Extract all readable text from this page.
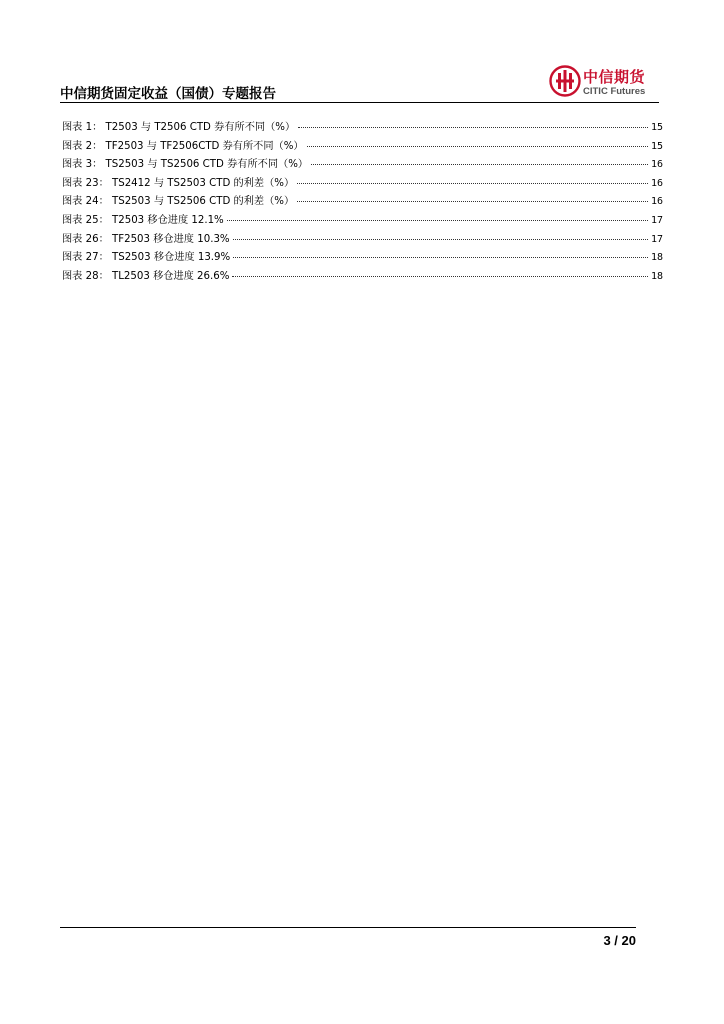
中信期货固定收益（国债）专题报告
中信期货
CITIC Futures
图表 1： T2503 与 T2506 CTD 券有所不同（%）	15
图表 2： TF2503 与 TF2506CTD 券有所不同（%）	15
图表 3： TS2503 与 TS2506 CTD 券有所不同（%）	16
图表 23： TS2412 与 TS2503 CTD 的利差（%）	16
图表 24： TS2503 与 TS2506 CTD 的利差（%）	16
图表 25： T2503 移仓进度 12.1%	17
图表 26： TF2503 移仓进度 10.3%	17
图表 27： TS2503 移仓进度 13.9%	18
图表 28： TL2503 移仓进度 26.6%	18
3 / 20
